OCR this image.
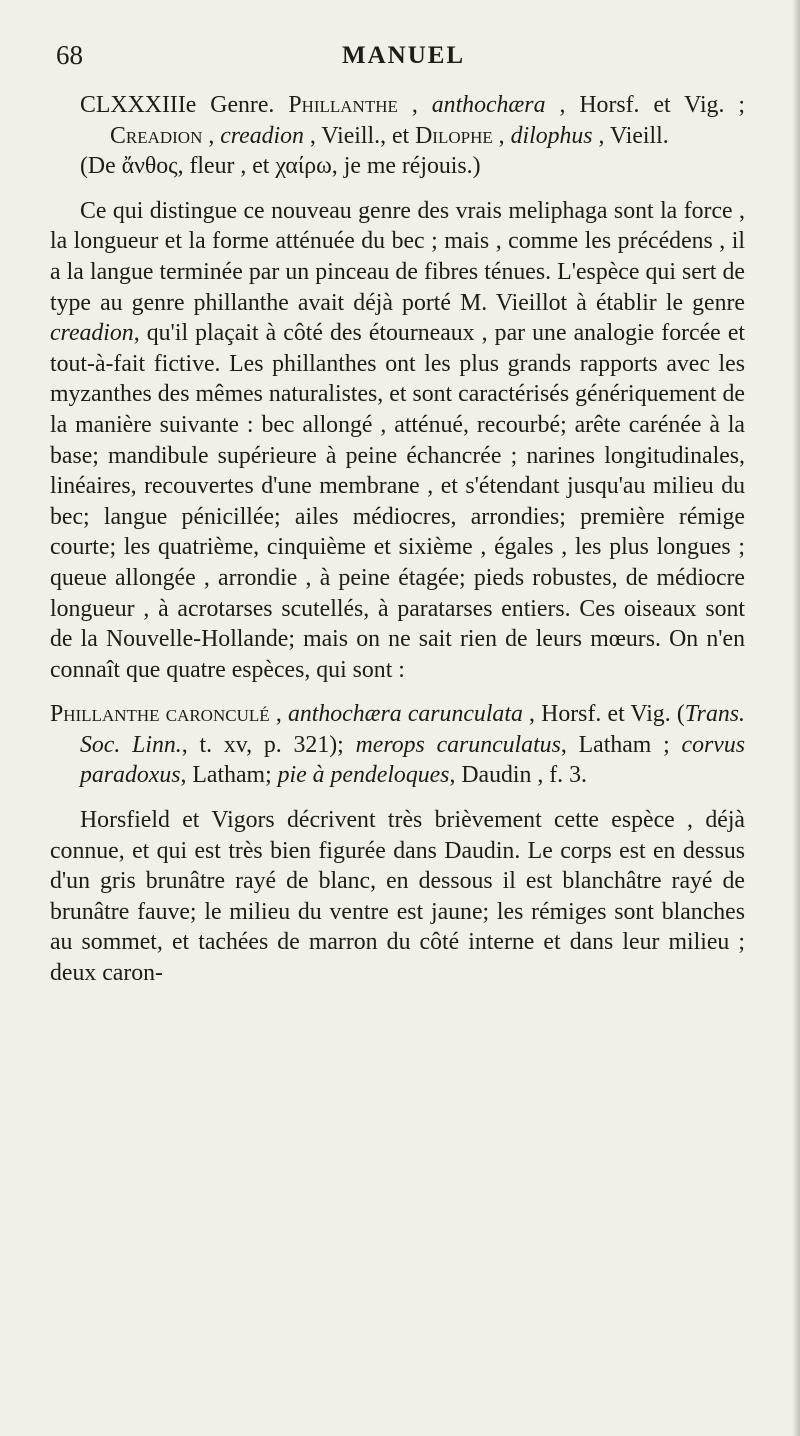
68	MANUEL

CLXXXIIIe Genre. Phillanthe , anthochæra , Horsf. et Vig. ; Creadion , creadion , Vieill., et Dilophe , dilophus , Vieill.

(De ἄνθος, fleur , et χαίρω, je me réjouis.)

Ce qui distingue ce nouveau genre des vrais meliphaga sont la force , la longueur et la forme atténuée du bec ; mais , comme les précédens , il a la langue terminée par un pinceau de fibres ténues. L'espèce qui sert de type au genre phillanthe avait déjà porté M. Vieillot à établir le genre creadion, qu'il plaçait à côté des étourneaux , par une analogie forcée et tout-à-fait fictive. Les phillanthes ont les plus grands rapports avec les myzanthes des mêmes naturalistes, et sont caractérisés génériquement de la manière suivante : bec allongé , atténué, recourbé; arête carénée à la base; mandibule supérieure à peine échancrée ; narines longitudinales, linéaires, recouvertes d'une membrane , et s'étendant jusqu'au milieu du bec; langue pénicillée; ailes médiocres, arrondies; première rémige courte; les quatrième, cinquième et sixième , égales , les plus longues ; queue allongée , arrondie , à peine étagée; pieds robustes, de médiocre longueur , à acrotarses scutellés, à paratarses entiers. Ces oiseaux sont de la Nouvelle-Hollande; mais on ne sait rien de leurs mœurs. On n'en connaît que quatre espèces, qui sont :

Phillanthe caronculé , anthochæra carunculata , Horsf. et Vig. (Trans. Soc. Linn., t. xv, p. 321); merops carunculatus, Latham ; corvus paradoxus, Latham; pie à pendeloques, Daudin , f. 3.

Horsfield et Vigors décrivent très brièvement cette espèce , déjà connue, et qui est très bien figurée dans Daudin. Le corps est en dessus d'un gris brunâtre rayé de blanc, en dessous il est blanchâtre rayé de brunâtre fauve; le milieu du ventre est jaune; les rémiges sont blanches au sommet, et tachées de marron du côté interne et dans leur milieu ; deux caron-
